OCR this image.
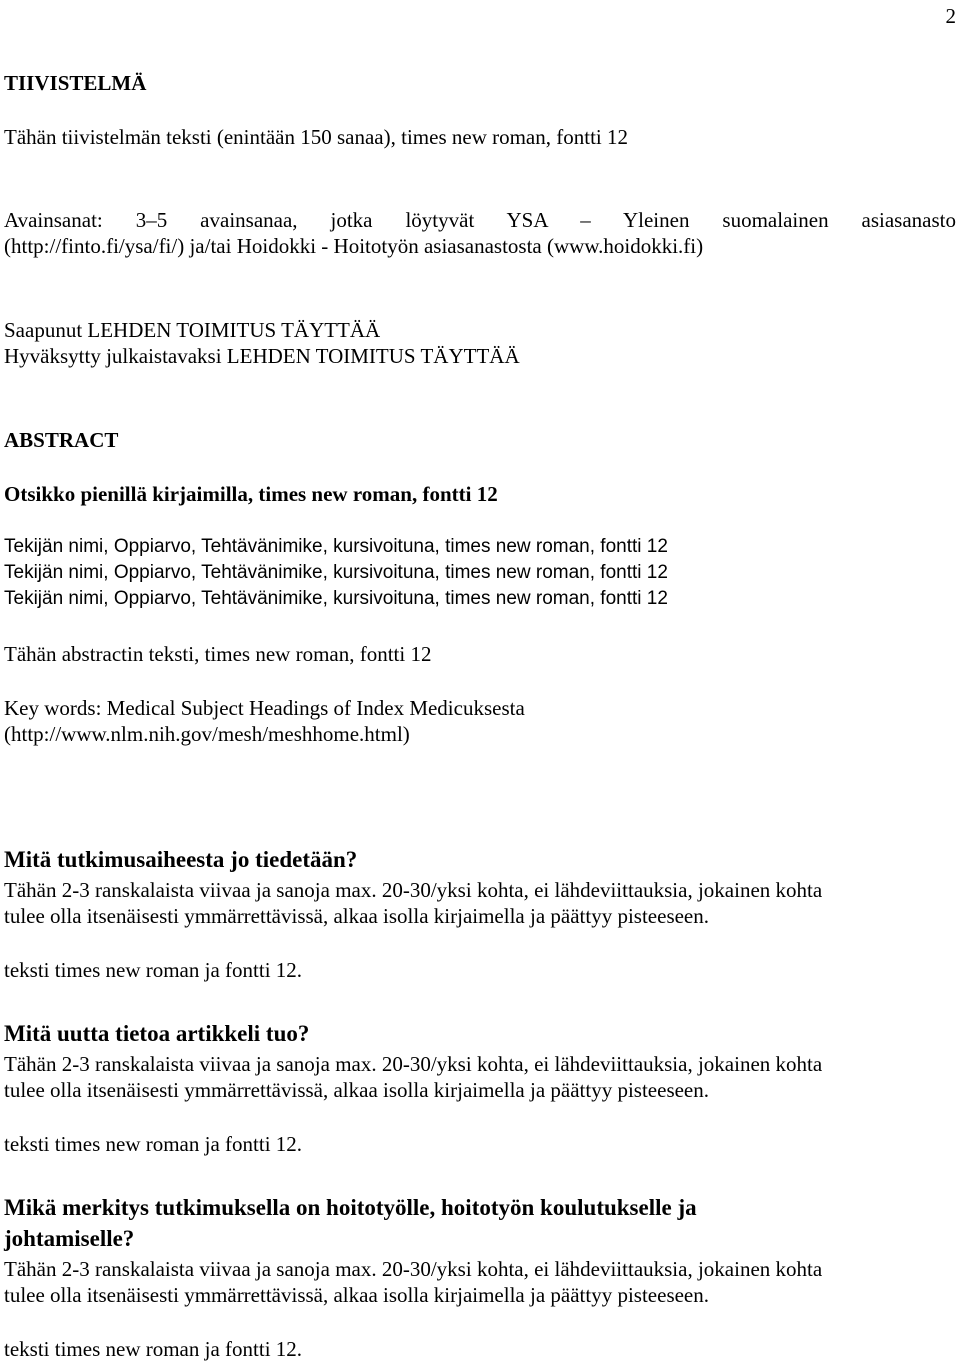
2

TIIVISTELMÄ

Tähän tiivistelmän teksti (enintään 150 sanaa), times new roman, fontti 12

Avainsanat: 3–5 avainsanaa, jotka löytyvät YSA – Yleinen suomalainen asiasanasto

(http://finto.fi/ysa/fi/) ja/tai Hoidokki - Hoitotyön asiasanastosta (www.hoidokki.fi)

Saapunut LEHDEN TOIMITUS TÄYTTÄÄ

Hyväksytty julkaistavaksi LEHDEN TOIMITUS TÄYTTÄÄ

ABSTRACT

Otsikko pienillä kirjaimilla, times new roman, fontti 12

Tekijän nimi, Oppiarvo, Tehtävänimike, kursivoituna, times new roman, fontti 12

Tekijän nimi, Oppiarvo, Tehtävänimike, kursivoituna, times new roman, fontti 12

Tekijän nimi, Oppiarvo, Tehtävänimike, kursivoituna, times new roman, fontti 12

Tähän abstractin teksti, times new roman, fontti 12

Key words: Medical Subject Headings of Index Medicuksesta

(http://www.nlm.nih.gov/mesh/meshhome.html)

Mitä tutkimusaiheesta jo tiedetään?

Tähän 2-3 ranskalaista viivaa ja sanoja max. 20-30/yksi kohta, ei lähdeviittauksia, jokainen kohta

tulee olla itsenäisesti ymmärrettävissä, alkaa isolla kirjaimella ja päättyy pisteeseen.

teksti times new roman ja fontti 12.

Mitä uutta tietoa artikkeli tuo?

Tähän 2-3 ranskalaista viivaa ja sanoja max. 20-30/yksi kohta, ei lähdeviittauksia, jokainen kohta

tulee olla itsenäisesti ymmärrettävissä, alkaa isolla kirjaimella ja päättyy pisteeseen.

teksti times new roman ja fontti 12.

Mikä merkitys tutkimuksella on hoitotyölle, hoitotyön koulutukselle ja

johtamiselle?

Tähän 2-3 ranskalaista viivaa ja sanoja max. 20-30/yksi kohta, ei lähdeviittauksia, jokainen kohta

tulee olla itsenäisesti ymmärrettävissä, alkaa isolla kirjaimella ja päättyy pisteeseen.

teksti times new roman ja fontti 12.
